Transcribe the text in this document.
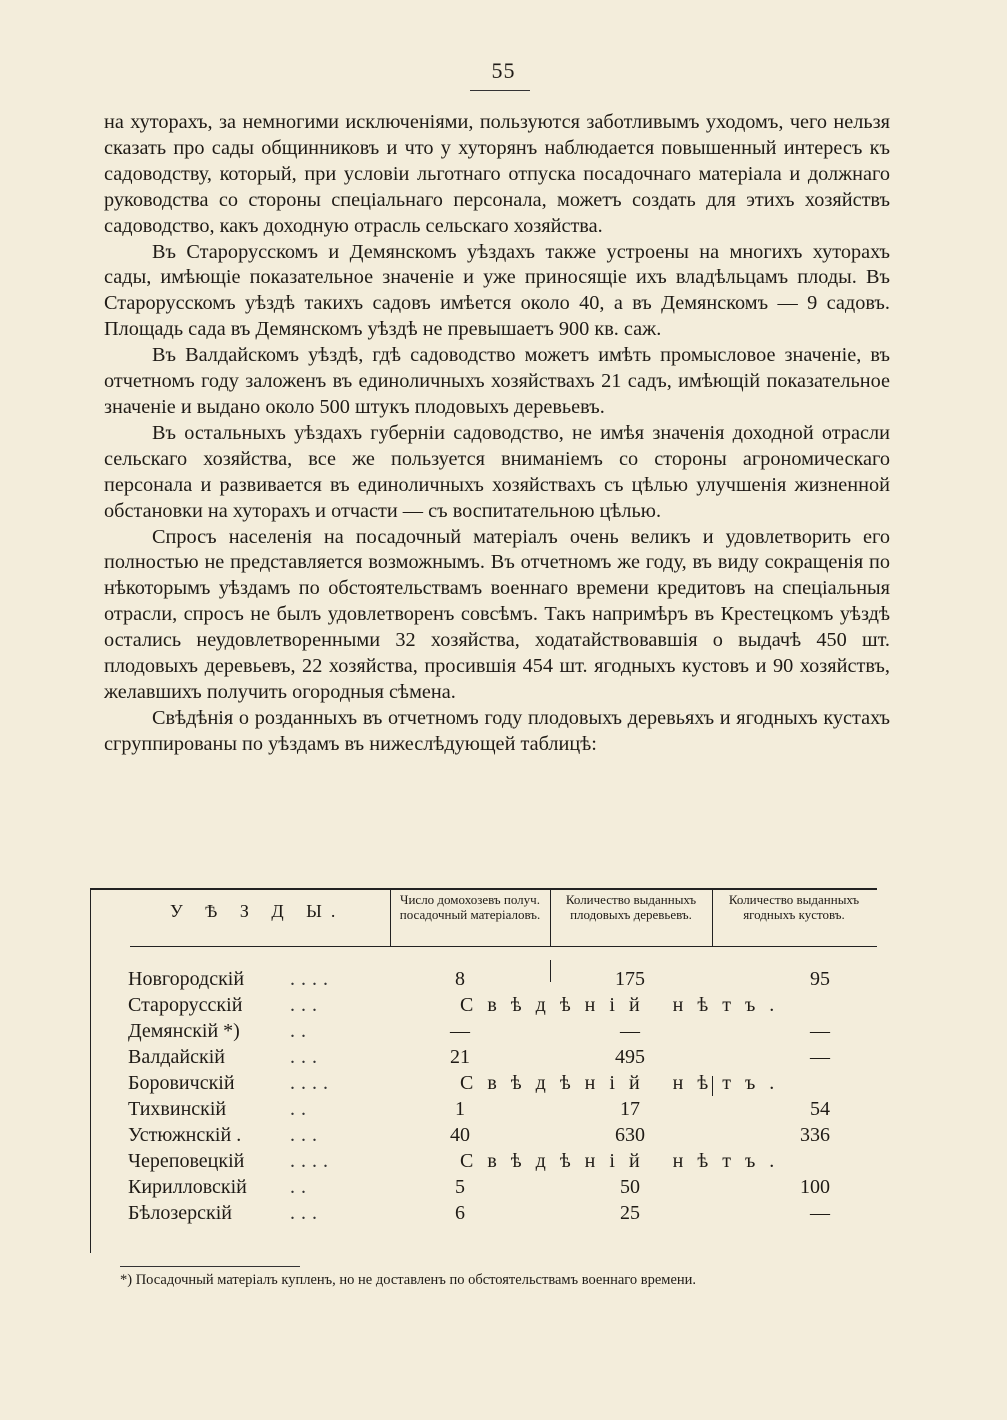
55

на хуторахъ, за немногими исключеніями, пользуются заботливымъ уходомъ, чего нельзя сказать про сады общинниковъ и что у хуторянъ наблюдается повышенный интересъ къ садоводству, который, при условіи льготнаго отпуска посадочнаго матеріала и должнаго руководства со стороны спеціальнаго персонала, можетъ создать для этихъ хозяйствъ садоводство, какъ доходную отрасль сельскаго хозяйства.

Въ Старорусскомъ и Демянскомъ уѣздахъ также устроены на многихъ хуторахъ сады, имѣющіе показательное значеніе и уже приносящіе ихъ владѣльцамъ плоды. Въ Старорусскомъ уѣздѣ такихъ садовъ имѣется около 40, а въ Демянскомъ — 9 садовъ. Площадь сада въ Демянскомъ уѣздѣ не превышаетъ 900 кв. саж.

Въ Валдайскомъ уѣздѣ, гдѣ садоводство можетъ имѣть промысловое значеніе, въ отчетномъ году заложенъ въ единоличныхъ хозяйствахъ 21 садъ, имѣющій показательное значеніе и выдано около 500 штукъ плодовыхъ деревьевъ.

Въ остальныхъ уѣздахъ губерніи садоводство, не имѣя значенія доходной отрасли сельскаго хозяйства, все же пользуется вниманіемъ со стороны агрономическаго персонала и развивается въ единоличныхъ хозяйствахъ съ цѣлью улучшенія жизненной обстановки на хуторахъ и отчасти — съ воспитательною цѣлью.

Спросъ населенія на посадочный матеріалъ очень великъ и удовлетворить его полностью не представляется возможнымъ. Въ отчетномъ же году, въ виду сокращенія по нѣкоторымъ уѣздамъ по обстоятельствамъ военнаго времени кредитовъ на спеціальныя отрасли, спросъ не былъ удовлетворенъ совсѣмъ. Такъ напримѣръ въ Крестецкомъ уѣздѣ остались неудовлетворенными 32 хозяйства, ходатайствовавшія о выдачѣ 450 шт. плодовыхъ деревьевъ, 22 хозяйства, просившія 454 шт. ягодныхъ кустовъ и 90 хозяйствъ, желавшихъ получить огородныя сѣмена.

Свѣдѣнія о розданныхъ въ отчетномъ году плодовыхъ деревьяхъ и ягодныхъ кустахъ сгруппированы по уѣздамъ въ нижеслѣдующей таблицѣ:

У Ѣ З Д Ы.
Число домохозевъ получ. посадочный матеріаловъ.
Количество выданныхъ плодовыхъ деревьевъ.
Количество выданныхъ ягодныхъ кустовъ.
Новгородскій ....	8	175	95
Старорусскій ...	Свѣдѣній нѣтъ.
Демянскій *)	..	—	—	—
Валдайскій	...	21	495	—
Боровичскій	....	Свѣдѣній нѣтъ.
Тихвинскій	..	1	17	54
Устюжнскій . ...	40	630	336
Череповецкій ....	Свѣдѣній нѣтъ.
Кирилловскій ..	5	50	100
Бѣлозерскій	...	6	25	—
*) Посадочный матеріалъ купленъ, но не доставленъ по обстоятельствамъ военнаго времени.
